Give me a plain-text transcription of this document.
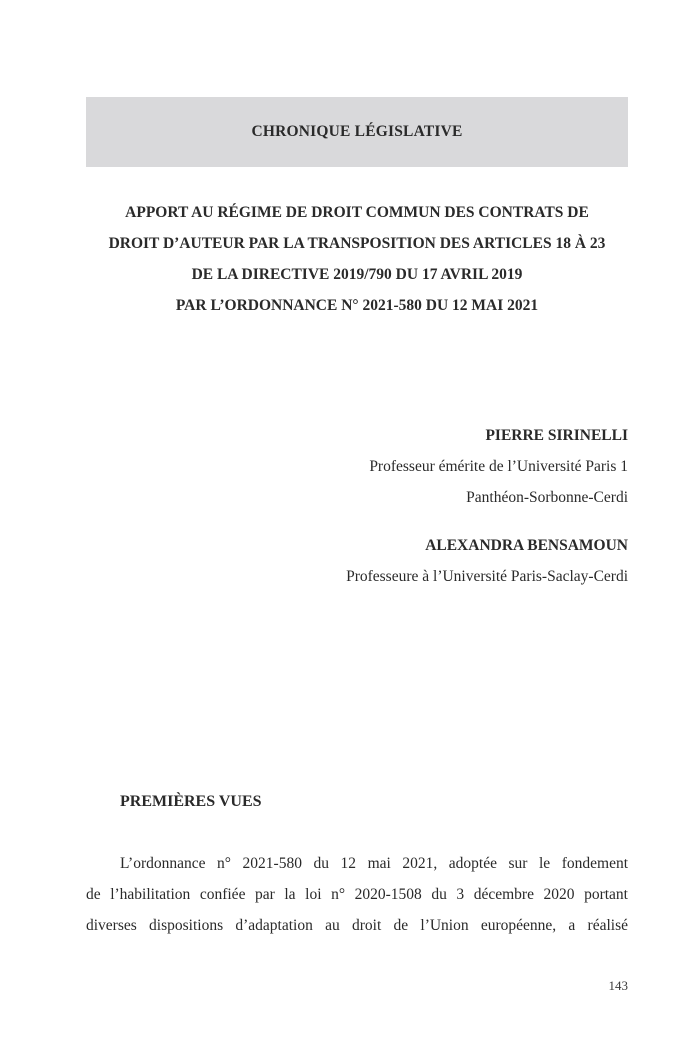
CHRONIQUE LÉGISLATIVE
APPORT AU RÉGIME DE DROIT COMMUN DES CONTRATS DE
DROIT D’AUTEUR PAR LA TRANSPOSITION DES ARTICLES 18 À 23
DE LA DIRECTIVE 2019/790 DU 17 AVRIL 2019
PAR L’ORDONNANCE N° 2021-580 DU 12 MAI 2021
PIERRE SIRINELLI
Professeur émérite de l’Université Paris 1
Panthéon-Sorbonne-Cerdi
ALEXANDRA BENSAMOUN
Professeure à l’Université Paris-Saclay-Cerdi
PREMIÈRES VUES
L’ordonnance n° 2021-580 du 12 mai 2021, adoptée sur le fondement
de l’habilitation confiée par la loi n° 2020-1508 du 3 décembre 2020 portant
diverses dispositions d’adaptation au droit de l’Union européenne, a réalisé
143
